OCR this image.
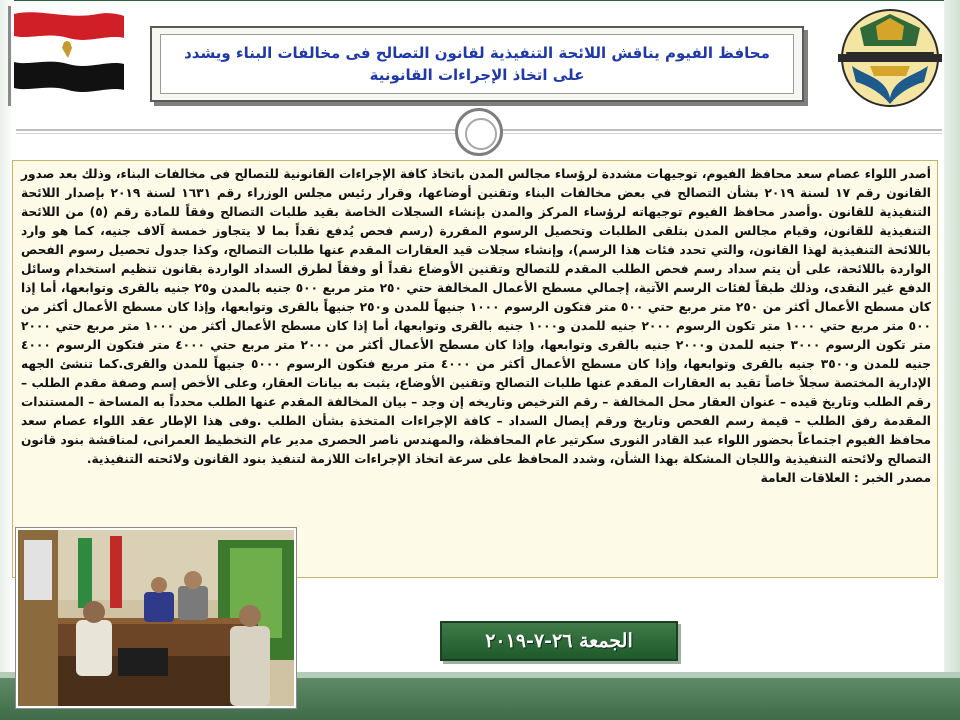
محافظ الفيوم يناقش اللائحة التنفيذية لقانون التصالح فى مخالفات البناء ويشدد على اتخاذ الإجراءات القانونية

أصدر اللواء عصام سعد محافظ الفيوم، توجيهات مشددة لرؤساء مجالس المدن باتخاذ كافة الإجراءات القانونية للتصالح فى مخالفات البناء، وذلك بعد صدور القانون رقم ١٧ لسنة ٢٠١٩ بشأن التصالح في بعض مخالفات البناء وتقنين أوضاعها، وقرار رئيس مجلس الوزراء رقم ١٦٣١ لسنة ٢٠١٩ بإصدار اللائحة التنفيذية للقانون .وأصدر محافظ الفيوم توجيهاته لرؤساء المركز والمدن بإنشاء السجلات الخاصة بقيد طلبات التصالح وفقاً للمادة رقم (٥) من اللائحة التنفيذية للقانون، وقيام مجالس المدن بتلقى الطلبات وتحصيل الرسوم المقررة (رسم فحص يُدفع نقداً بما لا يتجاوز خمسة آلاف جنيه، كما هو وارد باللائحة التنفيذية لهذا القانون، والتي تحدد فئات هذا الرسم)، وإنشاء سجلات قيد العقارات المقدم عنها طلبات التصالح، وكذا جدول تحصيل رسوم الفحص الواردة باللائحة، على أن يتم سداد رسم فحص الطلب المقدم للتصالح وتقنين الأوضاع نقداً أو وفقاً لطرق السداد الواردة بقانون تنظيم استخدام وسائل الدفع غير النقدى، وذلك طبقاً لفئات الرسم الآتية، إجمالي مسطح الأعمال المخالفة حتي ٢٥٠ متر مربع ٥٠٠ جنيه بالمدن و٢٥ جنيه بالقرى وتوابعها، أما إذا كان مسطح الأعمال أكثر من ٢٥٠ متر مربع حتي ٥٠٠ متر فتكون الرسوم ١٠٠٠ جنيهاً للمدن و٢٥٠ جنيهاً بالقرى وتوابعها، وإذا كان مسطح الأعمال أكثر من ٥٠٠ متر مربع حتي ١٠٠٠ متر تكون الرسوم ٢٠٠٠ جنيه للمدن و١٠٠٠ جنيه بالقرى وتوابعها، أما إذا كان مسطح الأعمال أكثر من ١٠٠٠ متر مربع حتي ٢٠٠٠ متر تكون الرسوم ٣٠٠٠ جنيه للمدن و٢٠٠٠ جنيه بالقرى وتوابعها، وإذا كان مسطح الأعمال أكثر من ٢٠٠٠ متر مربع حتي ٤٠٠٠ متر فتكون الرسوم ٤٠٠٠ جنيه للمدن و٣٥٠٠ جنيه بالقرى وتوابعها، وإذا كان مسطح الأعمال أكثر من ٤٠٠٠ متر مربع فتكون الرسوم ٥٠٠٠ جنيهاً للمدن والقرى.كما تنشئ الجهه الإدارية المختصة سجلاً خاصاً تقيد به العقارات المقدم عنها طلبات التصالح وتقنين الأوضاع، يثبت به بيانات العقار، وعلى الأخص إسم وصفة مقدم الطلب – رقم الطلب وتاريخ قيده – عنوان العقار محل المخالفة – رقم الترخيص وتاريخه إن وجد – بيان المخالفة المقدم عنها الطلب محدداً به المساحة – المستندات المقدمة رفق الطلب – قيمة رسم الفحص وتاريخ ورقم إيصال السداد – كافة الإجراءات المتخذة بشأن الطلب .وفى هذا الإطار عقد اللواء عصام سعد محافظ الفيوم اجتماعاً بحضور اللواء عبد القادر النورى سكرتير عام المحافظة، والمهندس ناصر الحصرى مدير عام التخطيط العمرانى، لمناقشة بنود قانون التصالح ولائحته التنفيذية واللجان المشكلة بهذا الشأن، وشدد المحافظ على سرعة اتخاذ الإجراءات اللازمة لتنفيذ بنود القانون ولائحته التنفيذية.

مصدر الخبر : العلاقات العامة

الجمعة ٢٦-٧-٢٠١٩
